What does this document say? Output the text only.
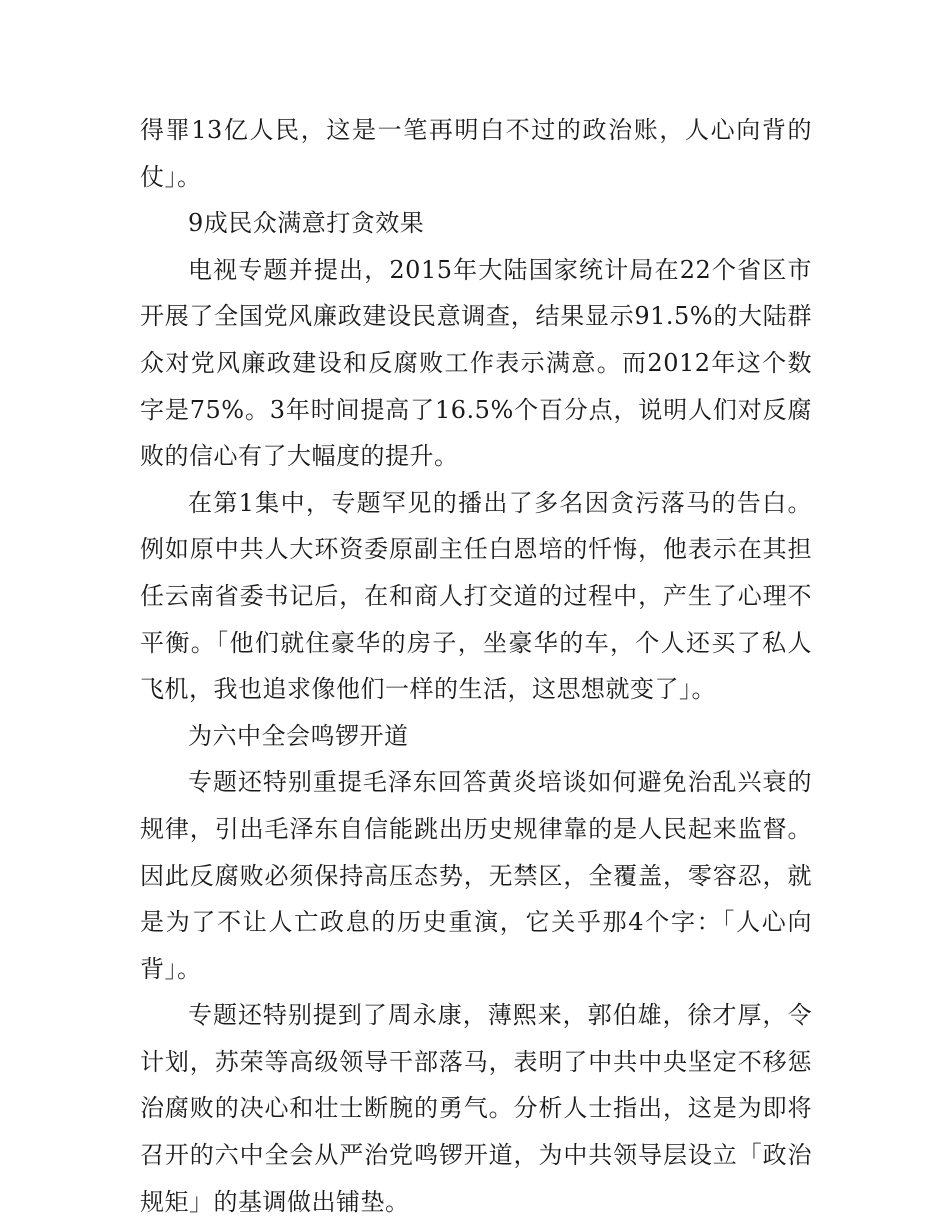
得罪13亿人民，这是一笔再明白不过的政治账，人心向背的仗」。

9成民众满意打贪效果

电视专题并提出，2015年大陆国家统计局在22个省区市开展了全国党风廉政建设民意调查，结果显示91.5%的大陆群众对党风廉政建设和反腐败工作表示满意。而2012年这个数字是75%。3年时间提高了16.5%个百分点，说明人们对反腐败的信心有了大幅度的提升。

在第1集中，专题罕见的播出了多名因贪污落马的告白。例如原中共人大环资委原副主任白恩培的忏悔，他表示在其担任云南省委书记后，在和商人打交道的过程中，产生了心理不平衡。「他们就住豪华的房子，坐豪华的车，个人还买了私人飞机，我也追求像他们一样的生活，这思想就变了」。

为六中全会鸣锣开道

专题还特别重提毛泽东回答黄炎培谈如何避免治乱兴衰的规律，引出毛泽东自信能跳出历史规律靠的是人民起来监督。因此反腐败必须保持高压态势，无禁区，全覆盖，零容忍，就是为了不让人亡政息的历史重演，它关乎那4个字：「人心向背」。

专题还特别提到了周永康，薄熙来，郭伯雄，徐才厚，令计划，苏荣等高级领导干部落马，表明了中共中央坚定不移惩治腐败的决心和壮士断腕的勇气。分析人士指出，这是为即将召开的六中全会从严治党鸣锣开道，为中共领导层设立「政治规矩」的基调做出铺垫。
